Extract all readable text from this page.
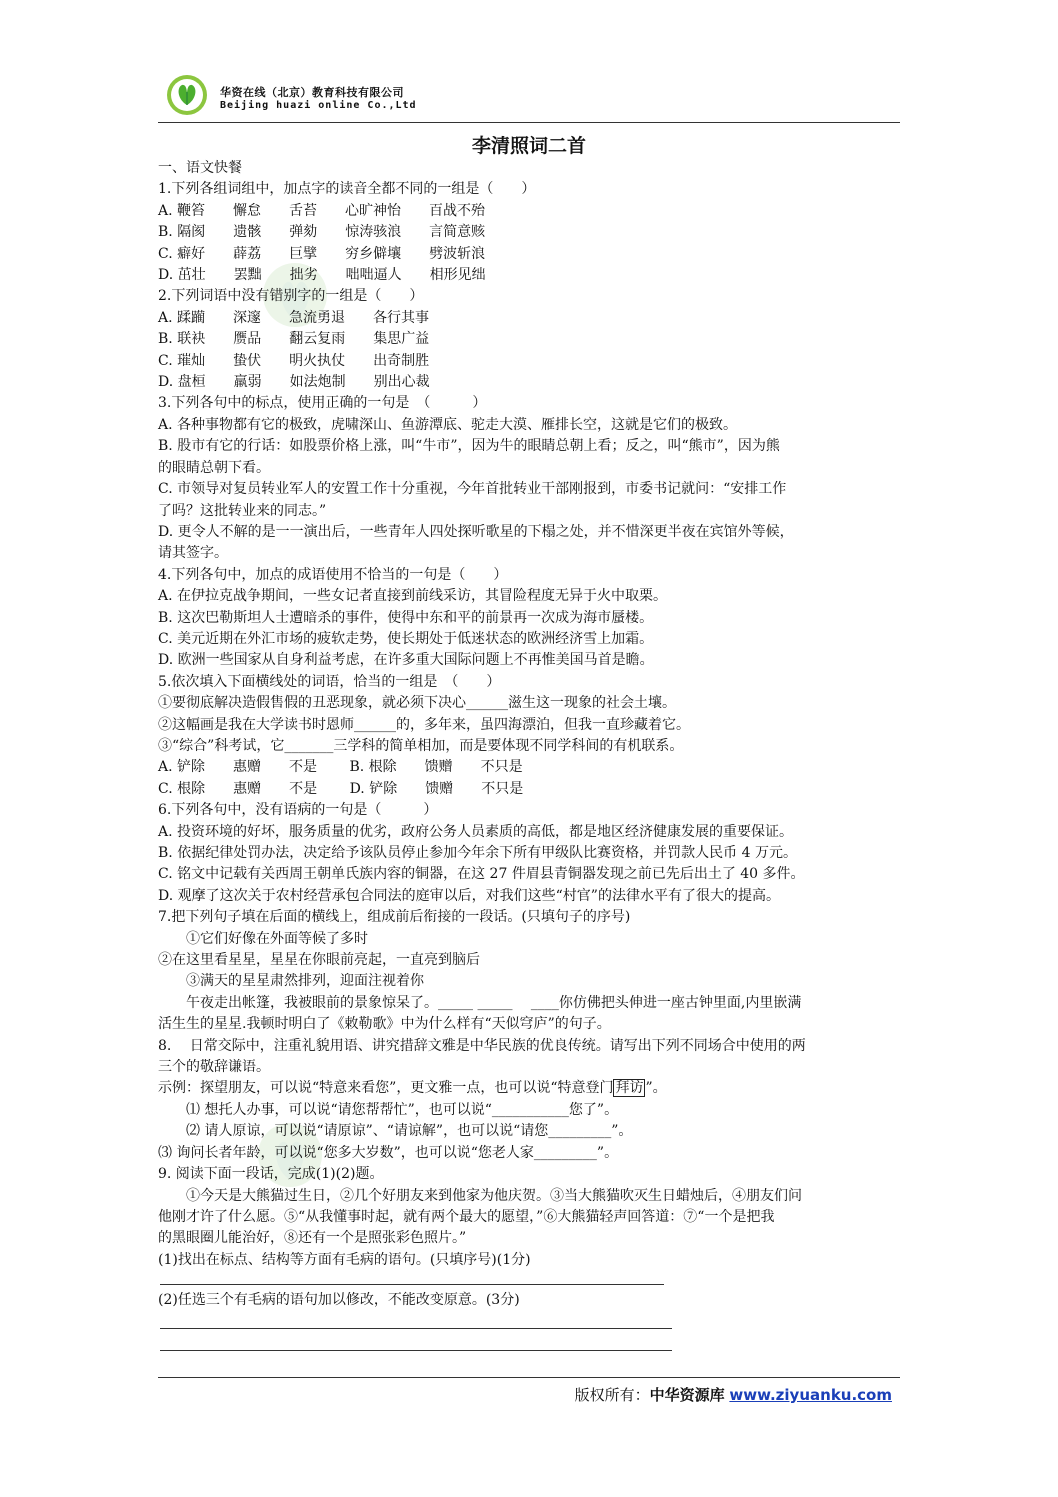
华资在线（北京）教育科技有限公司
Beijing huazi online Co.,Ltd
李清照词二首
一、语文快餐
1.下列各组词组中，加点字的读音全都不同的一组是（　　）
A. 鞭笞　　懈怠　　舌苔　　心旷神怡　　百战不殆
B. 隔阂　　遗骸　　弹劾　　惊涛骇浪　　言简意赅
C. 癖好　　薜荔　　巨擘　　穷乡僻壤　　劈波斩浪
D. 茁壮　　罢黜　　拙劣　　咄咄逼人　　相形见绌
2.下列词语中没有错别字的一组是（　　）
A. 蹂躏　　深邃　　急流勇退　　各行其事
B. 联袂　　赝品　　翻云复雨　　集思广益
C. 璀灿　　蛰伏　　明火执仗　　出奇制胜
D. 盘桓　　羸弱　　如法炮制　　别出心裁
3.下列各句中的标点，使用正确的一句是　（　　　）
A. 各种事物都有它的极致，虎啸深山、鱼游潭底、驼走大漠、雁排长空，这就是它们的极致。
B. 股市有它的行话：如股票价格上涨，叫“牛市”，因为牛的眼睛总朝上看；反之，叫“熊市”，因为熊
的眼睛总朝下看。
C. 市领导对复员转业军人的安置工作十分重视，今年首批转业干部刚报到，市委书记就问：“安排工作
了吗？这批转业来的同志。”
D. 更令人不解的是一一演出后，一些青年人四处探听歌星的下榻之处，并不惜深更半夜在宾馆外等候，
请其签字。
4.下列各句中，加点的成语使用不恰当的一句是（　　）
A. 在伊拉克战争期间，一些女记者直接到前线采访，其冒险程度无异于火中取栗。
B. 这次巴勒斯坦人士遭暗杀的事件，使得中东和平的前景再一次成为海市蜃楼。
C. 美元近期在外汇市场的疲软走势，使长期处于低迷状态的欧洲经济雪上加霜。
D. 欧洲一些国家从自身利益考虑，在许多重大国际问题上不再惟美国马首是瞻。
5.依次填入下面横线处的词语，恰当的一组是　（　　）
①要彻底解决造假售假的丑恶现象，就必须下决心______滋生这一现象的社会土壤。
②这幅画是我在大学读书时恩师______的，多年来，虽四海漂泊，但我一直珍藏着它。
③“综合”科考试，它_______三学科的简单相加，而是要体现不同学科间的有机联系。
A. 铲除　　惠赠　　不是　　 B. 根除　　馈赠　　不只是
C. 根除　　惠赠　　不是　　 D. 铲除　　馈赠　　不只是
6.下列各句中，没有语病的一句是（　　　）
A. 投资环境的好坏，服务质量的优劣，政府公务人员素质的高低，都是地区经济健康发展的重要保证。
B. 依据纪律处罚办法，决定给予该队员停止参加今年余下所有甲级队比赛资格，并罚款人民币 4 万元。
C. 铭文中记载有关西周王朝单氏族内容的铜器，在这 27 件眉县青铜器发现之前已先后出土了 40 多件。
D. 观摩了这次关于农村经营承包合同法的庭审以后，对我们这些“村官”的法律水平有了很大的提高。
7.把下列句子填在后面的横线上，组成前后衔接的一段话。(只填句子的序号)
　　①它们好像在外面等候了多时
②在这里看星星，星星在你眼前亮起，一直亮到脑后
　　③满天的星星肃然排列，迎面注视着你
　　午夜走出帐篷，我被眼前的景象惊呆了。_____ _____　 ____你仿佛把头伸进一座古钟里面,内里嵌满
活生生的星星.我顿时明白了《敕勒歌》中为什么样有“天似穹庐”的句子。
8.　 日常交际中，注重礼貌用语、讲究措辞文雅是中华民族的优良传统。请写出下列不同场合中使用的两
三个的敬辞谦语。
示例：探望朋友，可以说“特意来看您”，更文雅一点，也可以说“特意登门 拜访 ”。
　　⑴ 想托人办事，可以说“请您帮帮忙”，也可以说“___________您了”。
　　⑵ 请人原谅，可以说“请原谅”、“请谅解”，也可以说“请您_________”。
⑶ 询问长者年龄，可以说“您多大岁数”，也可以说“您老人家_________”。
9. 阅读下面一段话，完成(1)(2)题。
　　①今天是大熊猫过生日，②几个好朋友来到他家为他庆贺。③当大熊猫吹灭生日蜡烛后，④朋友们问
他刚才许了什么愿。⑤“从我懂事时起，就有两个最大的愿望，”⑥大熊猫轻声回答道：⑦“一个是把我
的黑眼圈儿能治好，⑧还有一个是照张彩色照片。”
(1)找出在标点、结构等方面有毛病的语句。(只填序号)(1分)
(2)任选三个有毛病的语句加以修改，不能改变原意。(3分)
版权所有：中华资源库 www.ziyuanku.com
